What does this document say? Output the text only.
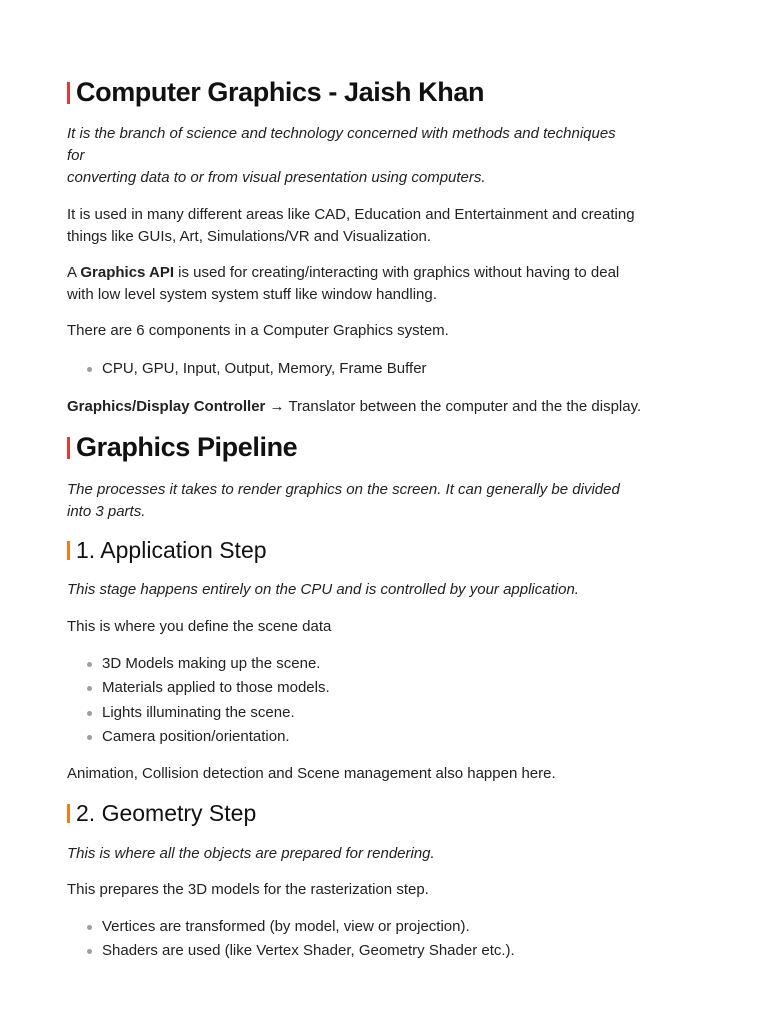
Computer Graphics - Jaish Khan
It is the branch of science and technology concerned with methods and techniques
for
converting data to or from visual presentation using computers.
It is used in many different areas like CAD, Education and Entertainment and creating
things like GUIs, Art, Simulations/VR and Visualization.
A Graphics API is used for creating/interacting with graphics without having to deal
with low level system system stuff like window handling.
There are 6 components in a Computer Graphics system.
CPU, GPU, Input, Output, Memory, Frame Buffer
Graphics/Display Controller → Translator between the computer and the the display.
Graphics Pipeline
The processes it takes to render graphics on the screen. It can generally be divided
into 3 parts.
1. Application Step
This stage happens entirely on the CPU and is controlled by your application.
This is where you define the scene data
3D Models making up the scene.
Materials applied to those models.
Lights illuminating the scene.
Camera position/orientation.
Animation, Collision detection and Scene management also happen here.
2. Geometry Step
This is where all the objects are prepared for rendering.
This prepares the 3D models for the rasterization step.
Vertices are transformed (by model, view or projection).
Shaders are used (like Vertex Shader, Geometry Shader etc.).
